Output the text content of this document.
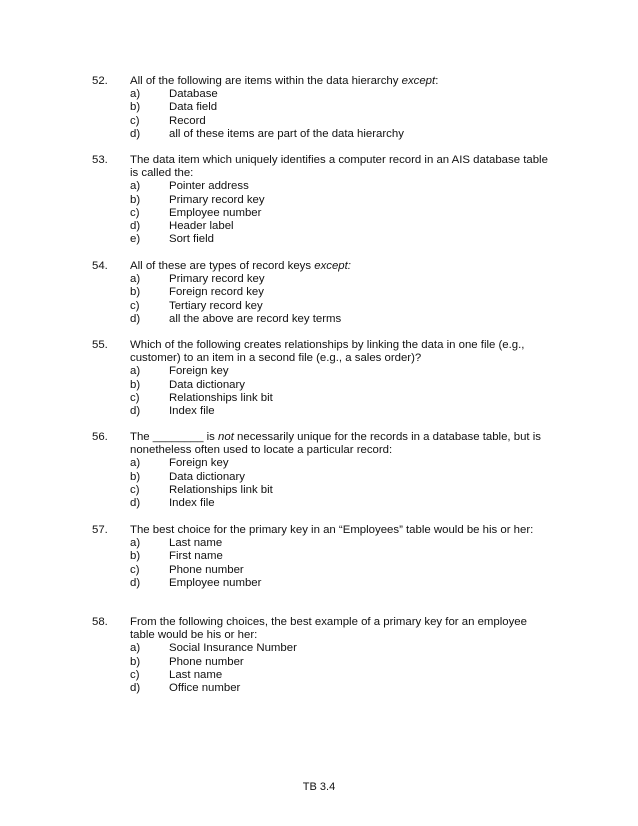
52.	All of the following are items within the data hierarchy except:
a)	Database
b)	Data field
c)	Record
d)	all of these items are part of the data hierarchy
53.	The data item which uniquely identifies a computer record in an AIS database table is called the:
a)	Pointer address
b)	Primary record key
c)	Employee number
d)	Header label
e)	Sort field
54.	All of these are types of record keys except:
a)	Primary record key
b)	Foreign record key
c)	Tertiary record key
d)	all the above are record key terms
55.	Which of the following creates relationships by linking the data in one file (e.g., customer) to an item in a second file (e.g., a sales order)?
a)	Foreign key
b)	Data dictionary
c)	Relationships link bit
d)	Index file
56.	The ________ is not necessarily unique for the records in a database table, but is nonetheless often used to locate a particular record:
a)	Foreign key
b)	Data dictionary
c)	Relationships link bit
d)	Index file
57.	The best choice for the primary key in an “Employees” table would be his or her:
a)	Last name
b)	First name
c)	Phone number
d)	Employee number
58.	From the following choices, the best example of a primary key for an employee table would be his or her:
a)	Social Insurance Number
b)	Phone number
c)	Last name
d)	Office number
TB 3.4
